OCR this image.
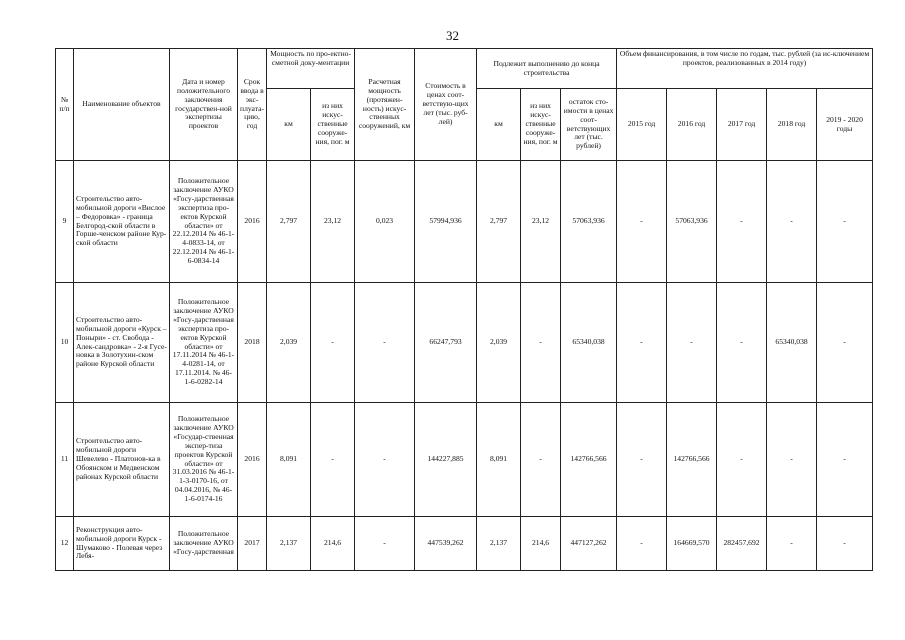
32
№ п/п	Наименование объектов	Дата и номер положительного заключения государствен-ной экспертизы проектов	Срок ввода в экс-плуата-цию, год	Мощность по про-ектно-сметной доку-ментации		Расчетная мощность (протяжен-ность) искус-ственных сооружений, км	Стоимость в ценах соот-ветствую-щих лет (тыс. руб-лей)	Подлежит выполнению до конца строительства			Объем финансирования, в том числе по годам, тыс. рублей (за ис-ключением проектов, реализованных в 2014 году)				
				км	из них искус-ственные сооруже-ния, пог. м			км	из них искус-ственные сооруже-ния, пог. м	остаток сто-имости в ценах соот-ветствующих лет (тыс. рублей)	2015 год	2016 год	2017 год	2018 год	2019 - 2020 годы
9	Строительство авто-мобильной дороги «Вислое – Федоровка» - граница Белгород-ской области в Горше-ченском районе Кур-ской области	Положительное заключение АУКО «Госу-дарственная экспертиза про-ектов Курской области» от 22.12.2014 № 46-1-4-0833-14, от 22.12.2014 № 46-1-6-0834-14	2016	2,797	23,12	0,023	57994,936	2,797	23,12	57063,936	-	57063,936	-	-	-
10	Строительство авто-мобильной дороги «Курск – Поныри» - ст. Свобода - Алек-сандровка» - 2-я Гусе-новка в Золотухин-ском районе Курской области	Положительное заключение АУКО «Госу-дарственная экспертиза про-ектов Курской области» от 17.11.2014 № 46-1-4-0281-14, от 17.11.2014. № 46-1-6-0282-14	2018	2,039	-	-	66247,793	2,039	-	65340,038	-	-	-	65340,038	-
11	Строительство авто-мобильной дороги Шевелево - Платонов-ка в Обоянском и Медвенском районах Курской области	Положительное заключение АУКО «Государ-ственная экспер-тиза проектов Курской области» от 31.03.2016 № 46-1-1-3-0170-16, от 04.04.2016, № 46-1-6-0174-16	2016	8,091	-	-	144227,885	8,091	-	142766,566	-	142766,566	-	-	-
12	Реконструкция авто-мобильной дороги Курск - Шумаково - Полевая через Лебя-	Положительное заключение АУКО «Госу-дарственная	2017	2,137	214,6	-	447539,262	2,137	214,6	447127,262	-	164669,570	282457,692	-	-
